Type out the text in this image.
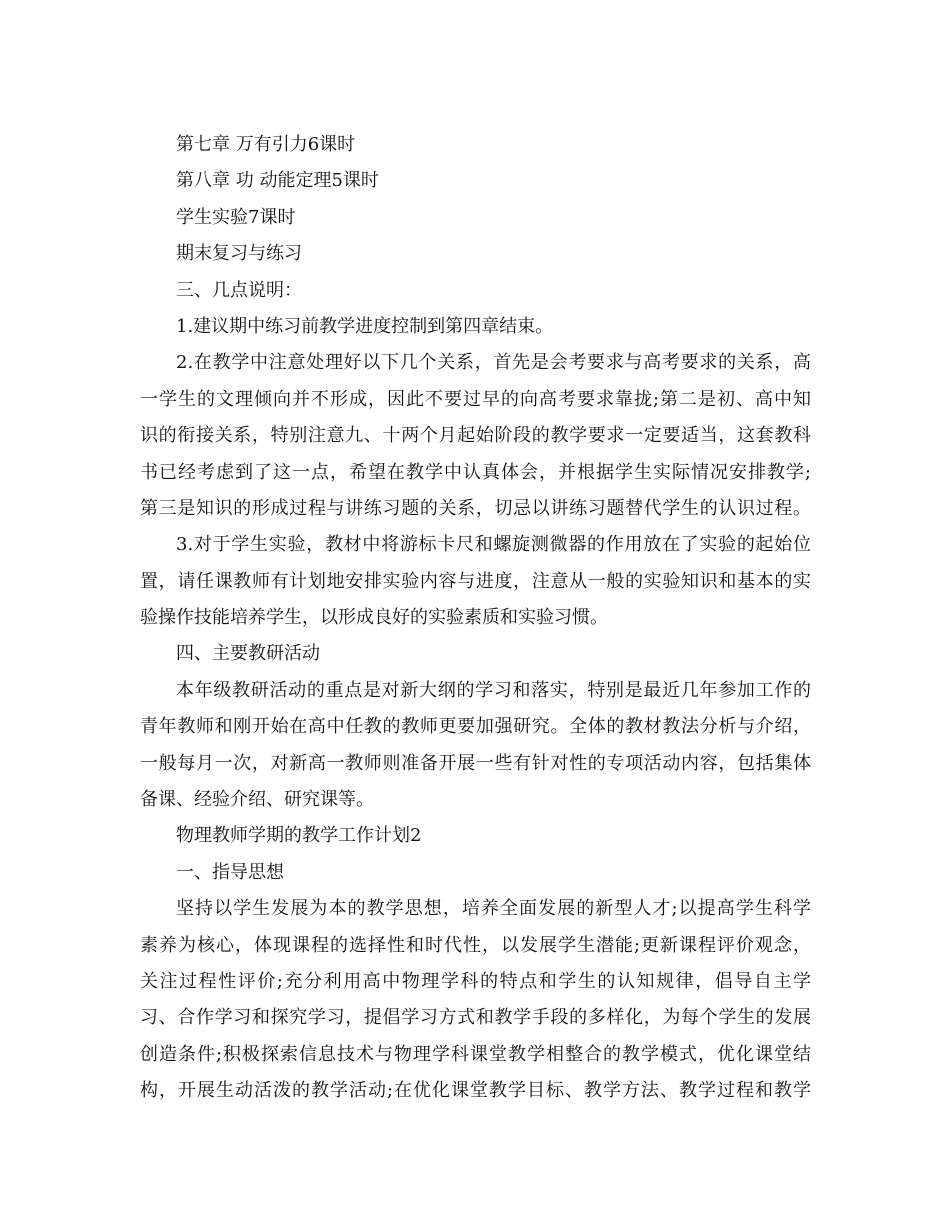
第七章 万有引力6课时
第八章 功 动能定理5课时
学生实验7课时
期末复习与练习
三、几点说明：
1.建议期中练习前教学进度控制到第四章结束。
2.在教学中注意处理好以下几个关系，首先是会考要求与高考要求的关系，高
一学生的文理倾向并不形成，因此不要过早的向高考要求靠拢;第二是初、高中知
识的衔接关系，特别注意九、十两个月起始阶段的教学要求一定要适当，这套教科
书已经考虑到了这一点，希望在教学中认真体会，并根据学生实际情况安排教学;
第三是知识的形成过程与讲练习题的关系，切忌以讲练习题替代学生的认识过程。
3.对于学生实验，教材中将游标卡尺和螺旋测微器的作用放在了实验的起始位
置，请任课教师有计划地安排实验内容与进度，注意从一般的实验知识和基本的实
验操作技能培养学生，以形成良好的实验素质和实验习惯。
四、主要教研活动
本年级教研活动的重点是对新大纲的学习和落实，特别是最近几年参加工作的
青年教师和刚开始在高中任教的教师更要加强研究。全体的教材教法分析与介绍，
一般每月一次，对新高一教师则准备开展一些有针对性的专项活动内容，包括集体
备课、经验介绍、研究课等。
物理教师学期的教学工作计划2
一、指导思想
坚持以学生发展为本的教学思想，培养全面发展的新型人才;以提高学生科学
素养为核心，体现课程的选择性和时代性，以发展学生潜能;更新课程评价观念，
关注过程性评价;充分利用高中物理学科的特点和学生的认知规律，倡导自主学
习、合作学习和探究学习，提倡学习方式和教学手段的多样化，为每个学生的发展
创造条件;积极探索信息技术与物理学科课堂教学相整合的教学模式，优化课堂结
构，开展生动活泼的教学活动;在优化课堂教学目标、教学方法、教学过程和教学
